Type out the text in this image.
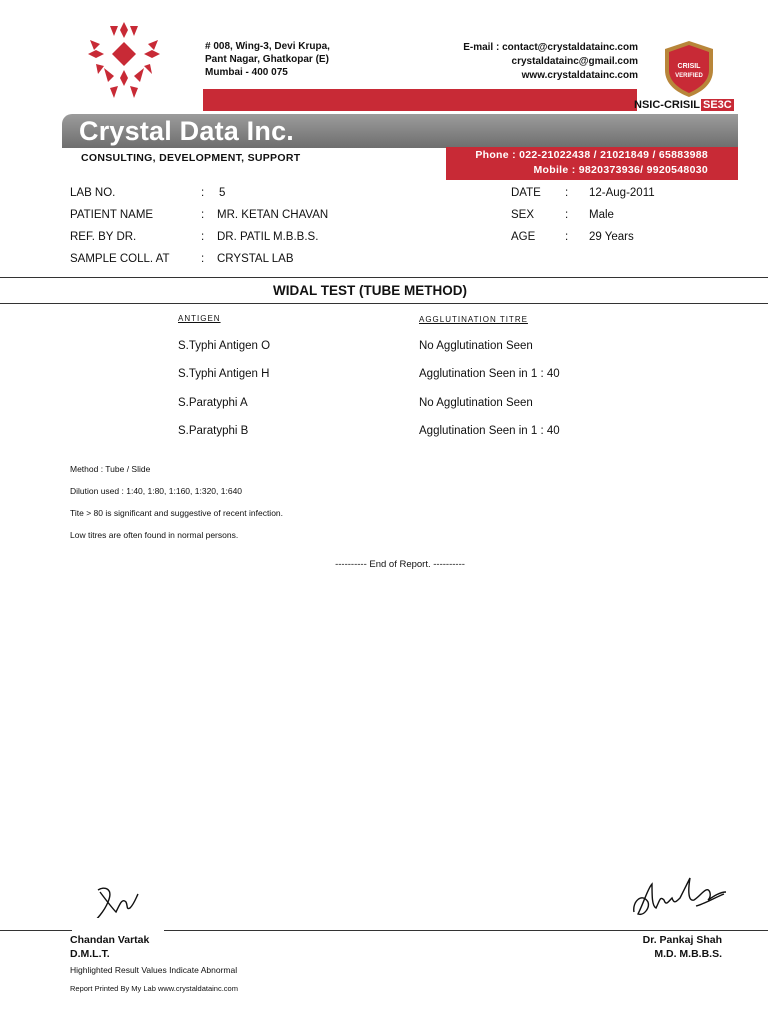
# 008, Wing-3, Devi Krupa,
Pant Nagar, Ghatkopar (E)
Mumbai - 400 075
E-mail : contact@crystaldatainc.com
crystaldatainc@gmail.com
www.crystaldatainc.com
CRISIL
VERIFIED
NSIC-CRISIL SE3C
Crystal Data Inc.
CONSULTING, DEVELOPMENT, SUPPORT	Phone : 022-21022438 / 21021849 / 65883988
Mobile : 9820373936/ 9920548030
LAB NO.	: 5
PATIENT NAME	: MR. KETAN CHAVAN
REF. BY DR.	: DR. PATIL M.B.B.S.
SAMPLE COLL. AT	: CRYSTAL LAB
DATE : 12-Aug-2011
SEX	: Male
AGE	: 29 Years
WIDAL TEST (TUBE METHOD)
ANTIGEN	AGGLUTINATION TITRE
S.Typhi Antigen O	No Agglutination Seen
S.Typhi Antigen H	Agglutination Seen in 1 : 40
S.Paratyphi A	No Agglutination Seen
S.Paratyphi B	Agglutination Seen in 1 : 40
Method : Tube / Slide
Dilution used : 1:40, 1:80, 1:160, 1:320, 1:640
Tite > 80 is significant and suggestive of recent infection.
Low titres are often found in normal persons.
---------- End of Report. ----------
Chandan Vartak
D.M.L.T.
Dr. Pankaj Shah
M.D. M.B.B.S.
Highlighted Result Values Indicate Abnormal
Report Printed By My Lab www.crystaldatainc.com
